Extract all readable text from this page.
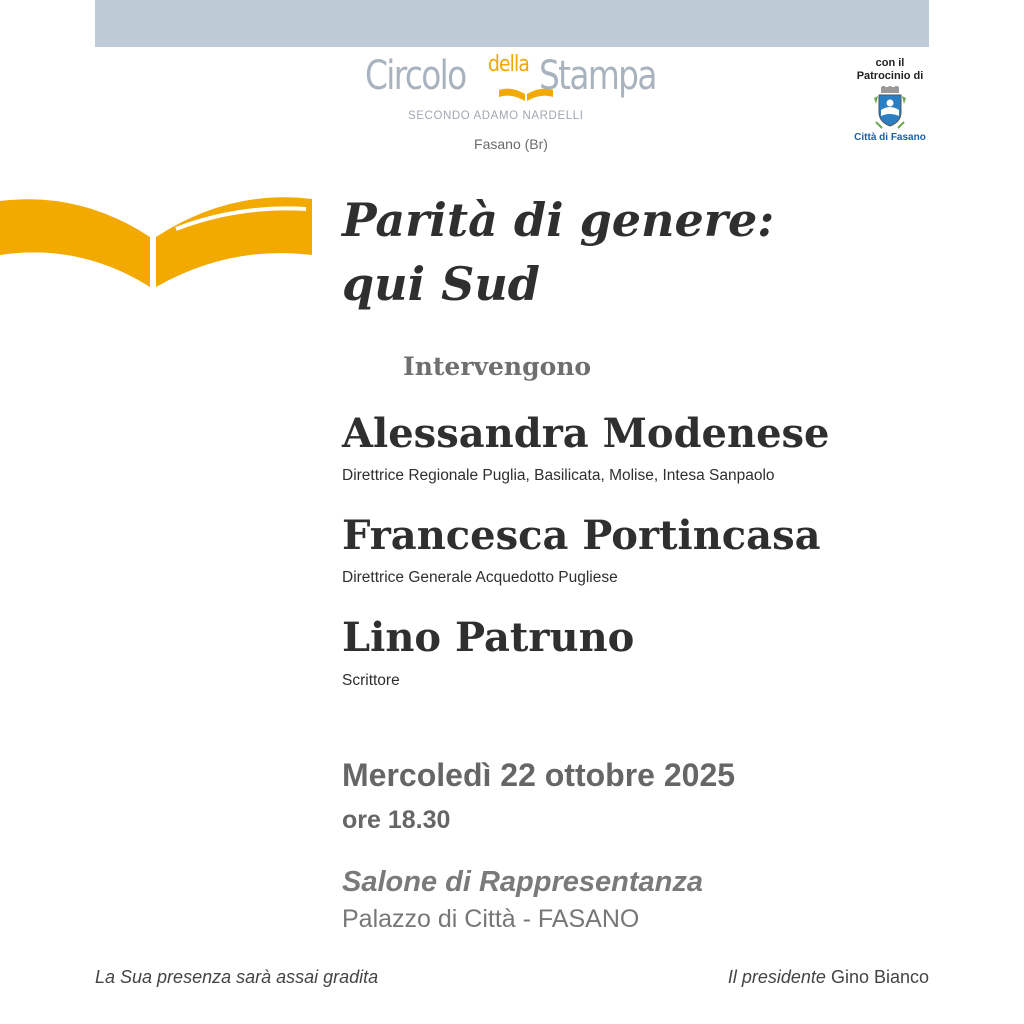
Circolo della Stampa
SECONDO ADAMO NARDELLI
Fasano (Br)
con il
Patrocinio di
Città di Fasano
Parità di genere:
qui Sud
Intervengono
Alessandra Modenese
Direttrice Regionale Puglia, Basilicata, Molise, Intesa Sanpaolo
Francesca Portincasa
Direttrice Generale Acquedotto Pugliese
Lino Patruno
Scrittore
Mercoledì 22 ottobre 2025
ore 18.30
Salone di Rappresentanza
Palazzo di Città - FASANO
La Sua presenza sarà assai gradita	Il presidente Gino Bianco
